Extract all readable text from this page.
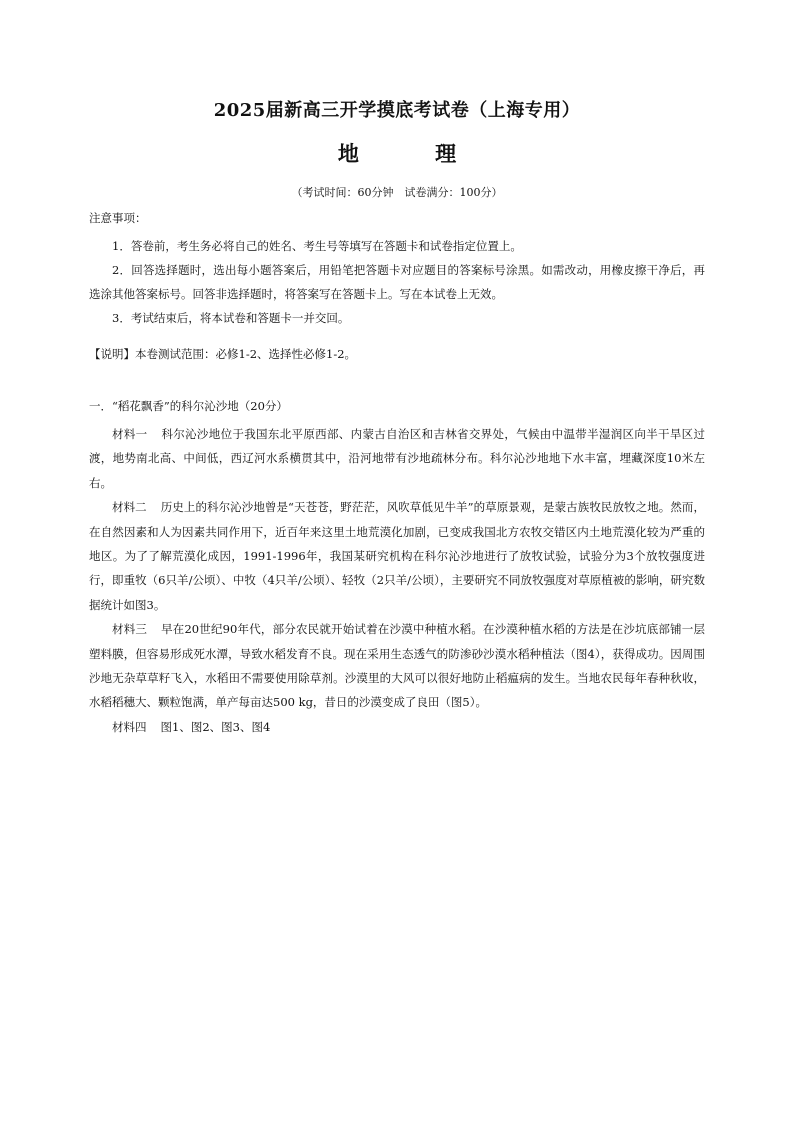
2025届新高三开学摸底考试卷（上海专用）
地　 理
（考试时间：60分钟　试卷满分：100分）
注意事项：
1．答卷前，考生务必将自己的姓名、考生号等填写在答题卡和试卷指定位置上。
2．回答选择题时，选出每小题答案后，用铅笔把答题卡对应题目的答案标号涂黑。如需改动，用橡皮擦干净后，再选涂其他答案标号。回答非选择题时，将答案写在答题卡上。写在本试卷上无效。
3．考试结束后，将本试卷和答题卡一并交回。
【说明】本卷测试范围：必修1-2、选择性必修1-2。
一．“稻花飘香”的科尔沁沙地（20分）
材料一 科尔沁沙地位于我国东北平原西部、内蒙古自治区和吉林省交界处，气候由中温带半湿润区向半干旱区过渡，地势南北高、中间低，西辽河水系横贯其中，沿河地带有沙地疏林分布。科尔沁沙地地下水丰富，埋藏深度10米左右。
材料二 历史上的科尔沁沙地曾是“天苍苍，野茫茫，风吹草低见牛羊”的草原景观，是蒙古族牧民放牧之地。然而，在自然因素和人为因素共同作用下，近百年来这里土地荒漠化加剧，已变成我国北方农牧交错区内土地荒漠化较为严重的地区。为了了解荒漠化成因，1991-1996年，我国某研究机构在科尔沁沙地进行了放牧试验，试验分为3个放牧强度进行，即重牧（6只羊/公顷）、中牧（4只羊/公顷）、轻牧（2只羊/公顷），主要研究不同放牧强度对草原植被的影响，研究数据统计如图3。
材料三 早在20世纪90年代，部分农民就开始试着在沙漠中种植水稻。在沙漠种植水稻的方法是在沙坑底部铺一层塑料膜，但容易形成死水潭，导致水稻发育不良。现在采用生态透气的防渗砂沙漠水稻种植法（图4），获得成功。因周围沙地无杂草草籽飞入，水稻田不需要使用除草剂。沙漠里的大风可以很好地防止稻瘟病的发生。当地农民每年春种秋收，水稻稻穗大、颗粒饱满，单产每亩达500 kg，昔日的沙漠变成了良田（图5）。
材料四 图1、图2、图3、图4
